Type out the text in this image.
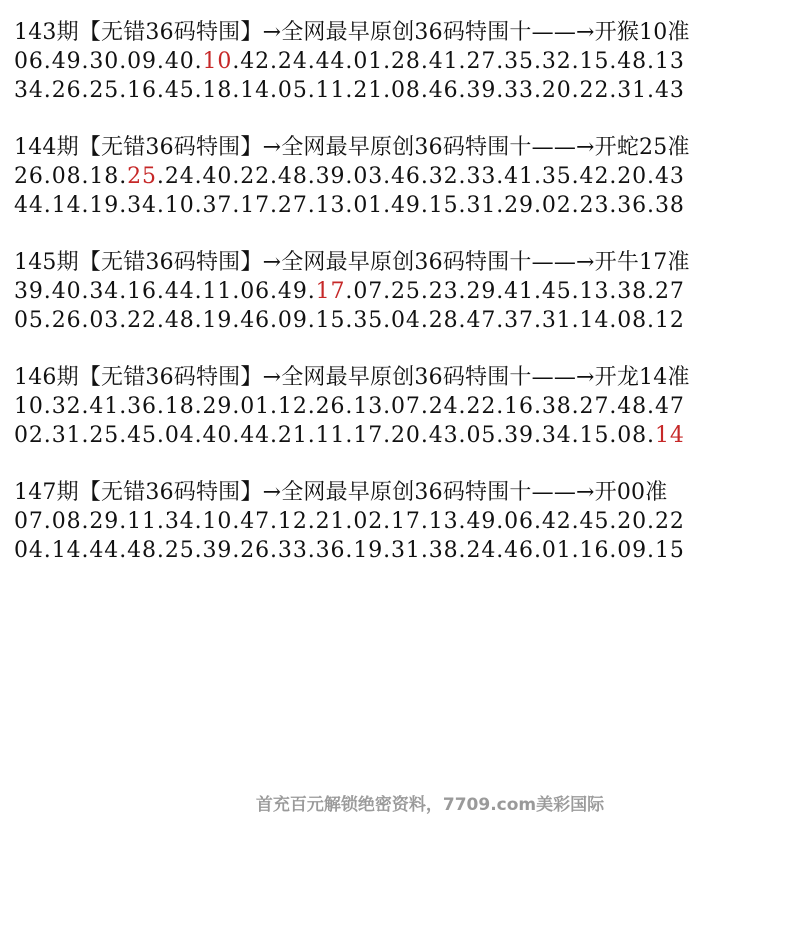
143期【无错36码特围】→全网最早原创36码特围十——→开猴10准
06.49.30.09.40.10.42.24.44.01.28.41.27.35.32.15.48.13
34.26.25.16.45.18.14.05.11.21.08.46.39.33.20.22.31.43
144期【无错36码特围】→全网最早原创36码特围十——→开蛇25准
26.08.18.25.24.40.22.48.39.03.46.32.33.41.35.42.20.43
44.14.19.34.10.37.17.27.13.01.49.15.31.29.02.23.36.38
145期【无错36码特围】→全网最早原创36码特围十——→开牛17准
39.40.34.16.44.11.06.49.17.07.25.23.29.41.45.13.38.27
05.26.03.22.48.19.46.09.15.35.04.28.47.37.31.14.08.12
146期【无错36码特围】→全网最早原创36码特围十——→开龙14准
10.32.41.36.18.29.01.12.26.13.07.24.22.16.38.27.48.47
02.31.25.45.04.40.44.21.11.17.20.43.05.39.34.15.08.14
147期【无错36码特围】→全网最早原创36码特围十——→开00准
07.08.29.11.34.10.47.12.21.02.17.13.49.06.42.45.20.22
04.14.44.48.25.39.26.33.36.19.31.38.24.46.01.16.09.15
首充百元解锁绝密资料，7709.com美彩国际
